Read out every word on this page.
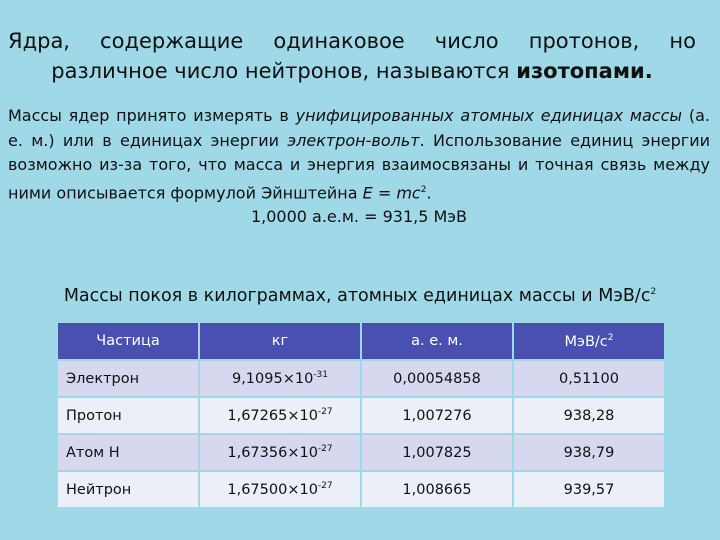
Ядра, содержащие одинаковое число протонов, но различное число нейтронов, называются изотопами.
Массы ядер принято измерять в унифицированных атомных единицах массы (а. е. м.) или в единицах энергии электрон-вольт. Использование единиц энергии возможно из-за того, что масса и энергия взаимосвязаны и точная связь между ними описывается формулой Эйнштейна $E = mc^2$.
1,0000 а.е.м. = 931,5 МэВ
Массы покоя в килограммах, атомных единицах массы и МэВ/$с^2$
Частица	кг	а. е. м.	МэВ/$с^2$
Электрон	$9,1095\times 10^{-31}$	0,00054858	0,51100
Протон	$1,67265\times 10^{-27}$	1,007276	938,28
Атом H	$1,67356\times 10^{-27}$	1,007825	938,79
Нейтрон	$1,67500\times 10^{-27}$	1,008665	939,57
